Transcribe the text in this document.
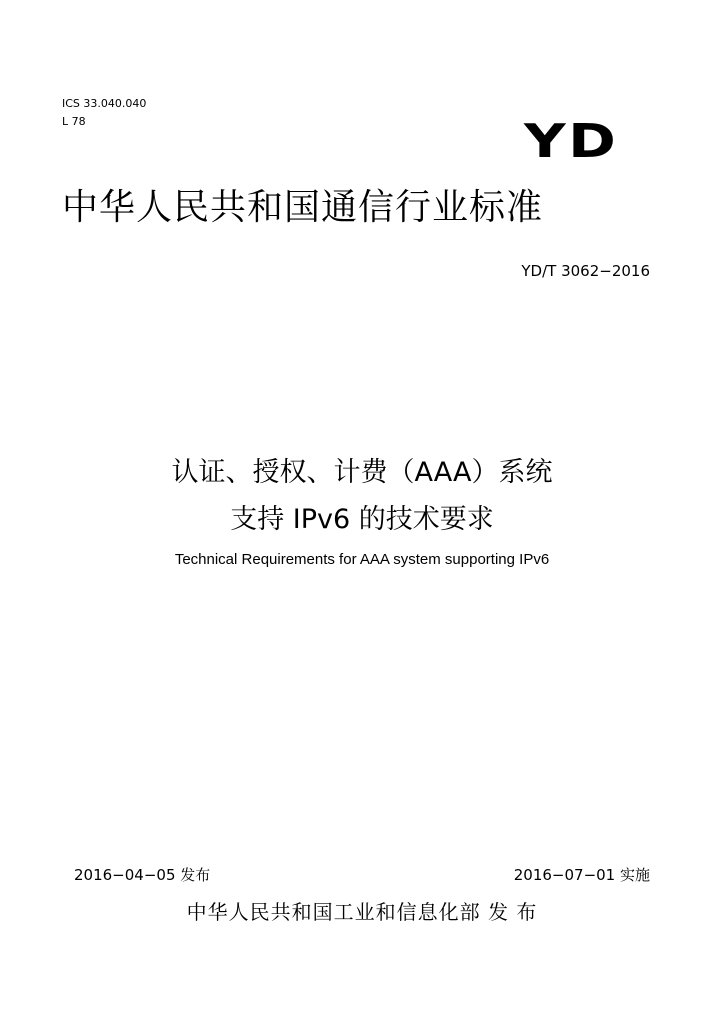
ICS 33.040.040
L 78	YD
中华人民共和国通信行业标准
YD/T 3062−2016
认证、授权、计费（AAA）系统
支持 IPv6 的技术要求
Technical Requirements for AAA system supporting IPv6
2016−04−05 发布	2016−07−01 实施
中华人民共和国工业和信息化部 发 布
